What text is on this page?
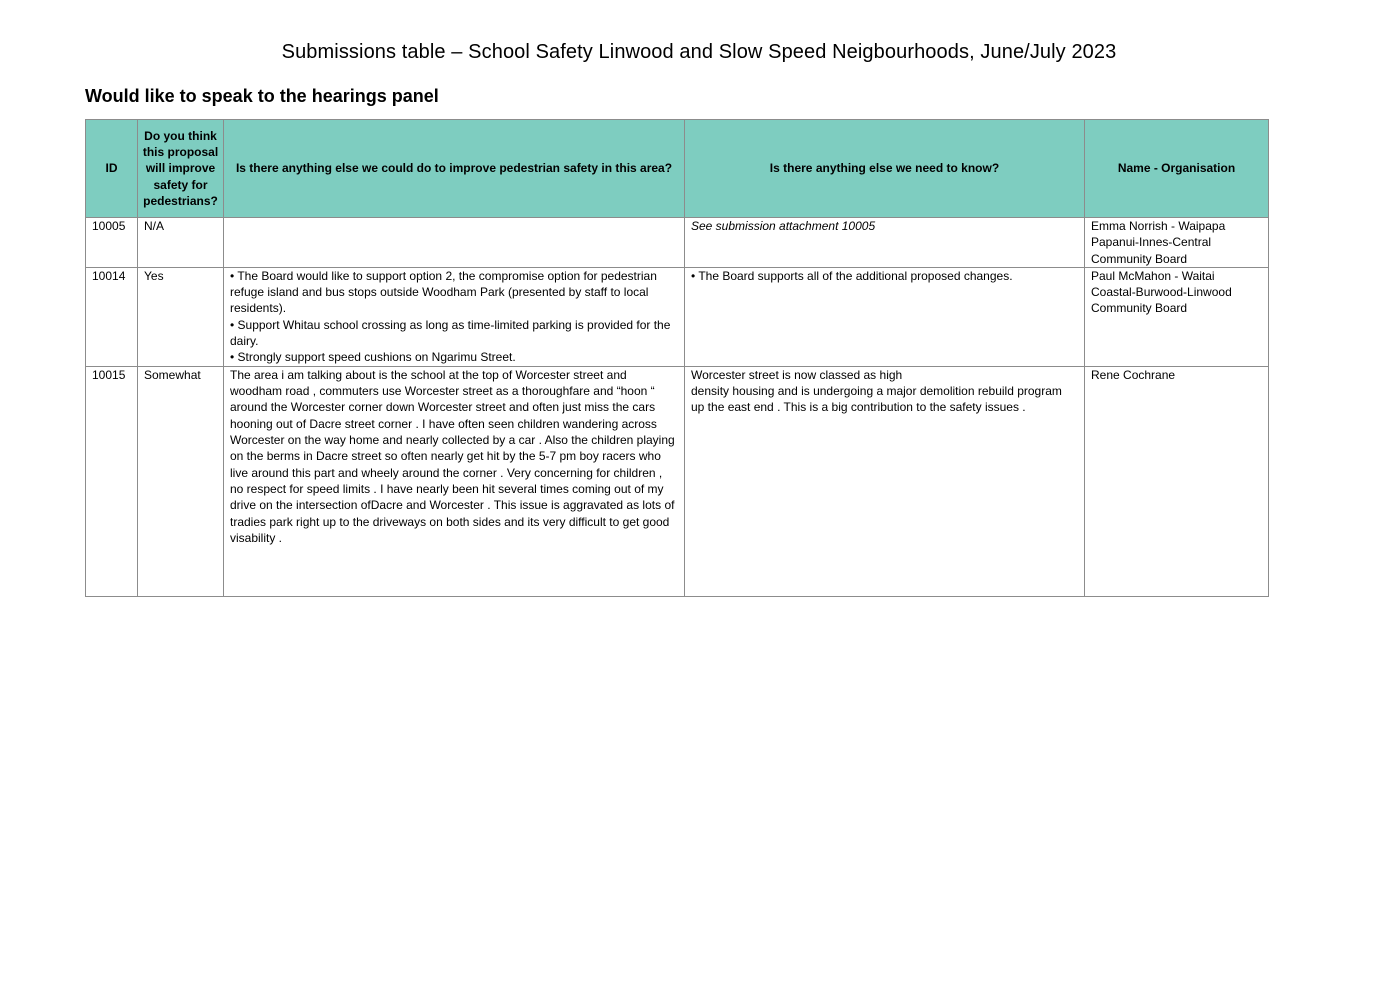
Submissions table – School Safety Linwood and Slow Speed Neigbourhoods, June/July 2023
Would like to speak to the hearings panel
ID	Do you think this proposal will improve safety for pedestrians?	Is there anything else we could do to improve pedestrian safety in this area?	Is there anything else we need to know?	Name - Organisation
10005	N/A		See submission attachment 10005	Emma Norrish - Waipapa Papanui-Innes-Central Community Board
10014	Yes	• The Board would like to support option 2, the compromise option for pedestrian refuge island and bus stops outside Woodham Park (presented by staff to local residents).
• Support Whitau school crossing as long as time-limited parking is provided for the dairy.
• Strongly support speed cushions on Ngarimu Street.	• The Board supports all of the additional proposed changes.	Paul McMahon - Waitai Coastal-Burwood-Linwood Community Board
10015	Somewhat	The area i am talking about is the school at the top of Worcester street and woodham road , commuters use Worcester street as a thoroughfare and “hoon “ around the Worcester corner down Worcester street and often just miss the cars hooning out of Dacre street corner . I have often seen children wandering across Worcester on the way home and nearly collected by a car . Also the children playing on the berms in Dacre street so often nearly get hit by the 5-7 pm boy racers who live around this part and wheely around the corner . Very concerning for children , no respect for speed limits . I have nearly been hit several times coming out of my drive on the intersection ofDacre and Worcester . This issue is aggravated as lots of tradies park right up to the driveways on both sides and its very difficult to get good visability .	Worcester street is now classed as high
density housing and is undergoing a major demolition rebuild program up the east end . This is a big contribution to the safety issues .	Rene Cochrane
